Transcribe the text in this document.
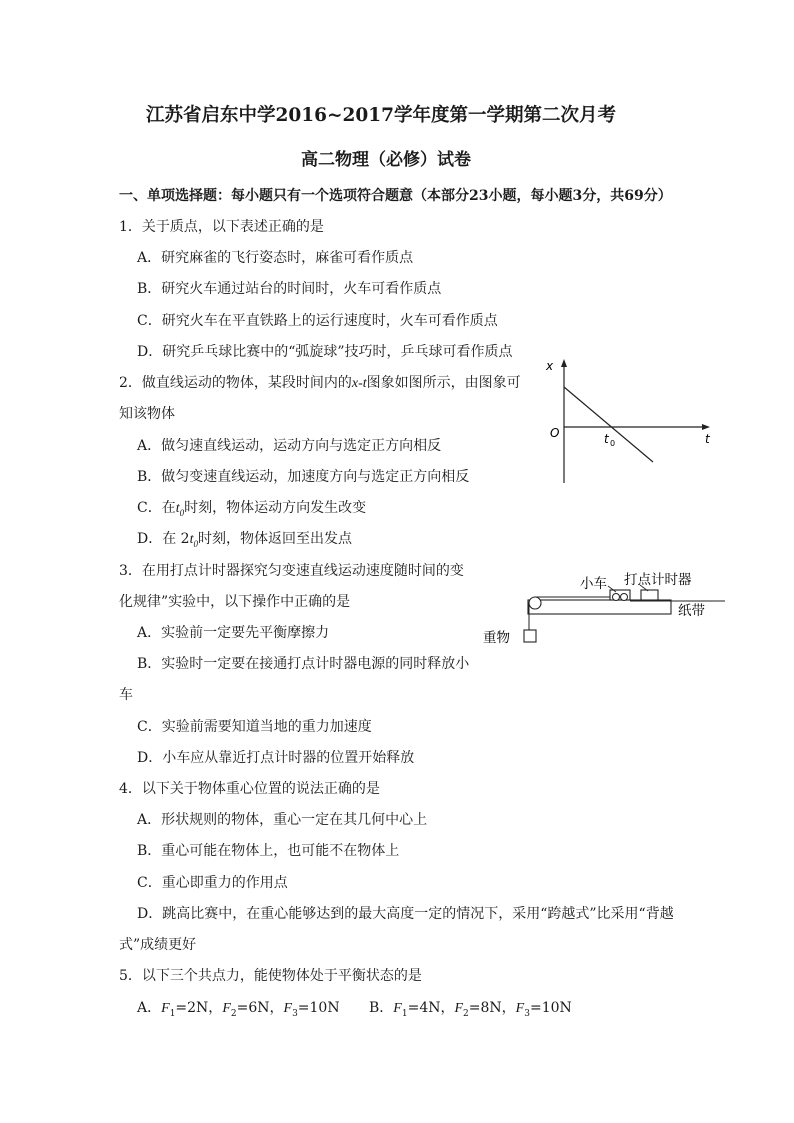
江苏省启东中学2016~2017学年度第一学期第二次月考
高二物理（必修）试卷
一、单项选择题：每小题只有一个选项符合题意（本部分23小题，每小题3分，共69分）
1．关于质点，以下表述正确的是
A．研究麻雀的飞行姿态时，麻雀可看作质点
B．研究火车通过站台的时间时，火车可看作质点
C．研究火车在平直铁路上的运行速度时，火车可看作质点
D．研究乒乓球比赛中的“弧旋球”技巧时，乒乓球可看作质点
2．做直线运动的物体，某段时间内的x-t图象如图所示，由图象可
知该物体
A．做匀速直线运动，运动方向与选定正方向相反
B．做匀变速直线运动，加速度方向与选定正方向相反
C．在$t_0$时刻，物体运动方向发生改变
D．在 $2t_0$时刻，物体返回至出发点
x
O	t 0	t
3．在用打点计时器探究匀变速直线运动速度随时间的变
化规律”实验中，以下操作中正确的是
A．实验前一定要先平衡摩擦力
B．实验时一定要在接通打点计时器电源的同时释放小
车
C．实验前需要知道当地的重力加速度
D．小车应从靠近打点计时器的位置开始释放
小车 打点计时器
纸带
重物
4．以下关于物体重心位置的说法正确的是
A．形状规则的物体，重心一定在其几何中心上
B．重心可能在物体上，也可能不在物体上
C．重心即重力的作用点
D．跳高比赛中，在重心能够达到的最大高度一定的情况下，采用“跨越式”比采用“背越
式”成绩更好
5．以下三个共点力，能使物体处于平衡状态的是
A．$F_1=2N$，$F_2=6N$，$F_3=10N$ B．$F_1=4N$，$F_2=8N$，$F_3=10N$
